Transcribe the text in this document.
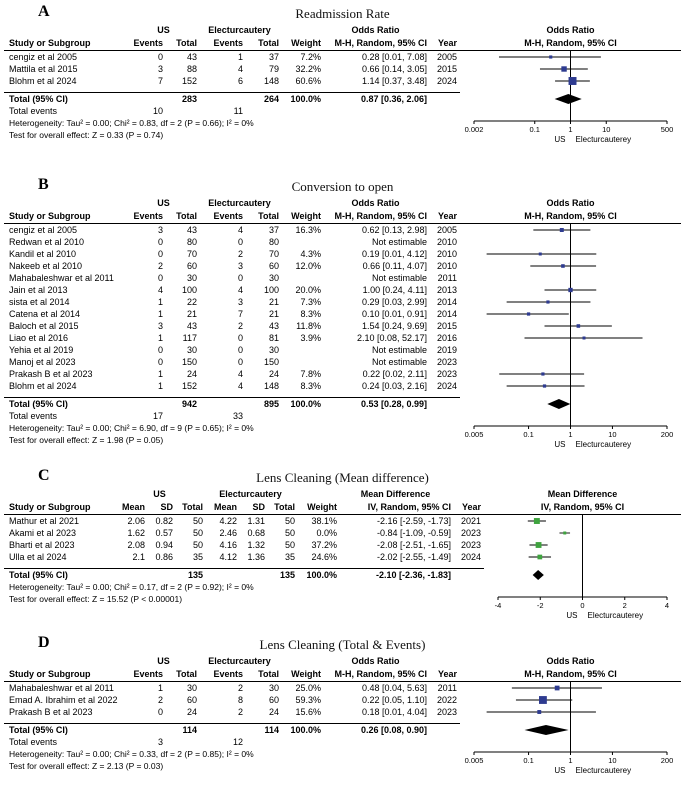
A	Readmission Rate
US	Electurcautery	Odds Ratio
Study or Subgroup	Events	Total	Events	Total	Weight	M-H, Random, 95% CI	Year
cengiz et al 2005	0	43	1	37	7.2%	0.28 [0.01, 7.08]	2005
Mattila et al 2015	3	88	4	79	32.2%	0.66 [0.14, 3.05]	2015
Blohm et al 2024	7	152	6	148	60.6%	1.14 [0.37, 3.48]	2024
Total (95% CI)	283	264	100.0%	0.87 [0.36, 2.06]
Total events	10	11
Heterogeneity: Tau² = 0.00; Chi² = 0.83, df = 2 (P = 0.66); I² = 0%
Test for overall effect: Z = 0.33 (P = 0.74)
Odds Ratio
M-H, Random, 95% CI
0.002	0.1	1	10	500
US Electurcauterey
B	Conversion to open
US	Electurcautery	Odds Ratio
Study or Subgroup	Events	Total	Events	Total	Weight	M-H, Random, 95% CI	Year
cengiz et al 2005	3	43	4	37	16.3%	0.62 [0.13, 2.98]	2005
Redwan et al 2010	0	80	0	80	Not estimable	2010
Kandil et al 2010	0	70	2	70	4.3%	0.19 [0.01, 4.12]	2010
Nakeeb et al 2010	2	60	3	60	12.0%	0.66 [0.11, 4.07]	2010
Mahabaleshwar et al 2011	0	30	0	30	Not estimable	2011
Jain et al 2013	4	100	4	100	20.0%	1.00 [0.24, 4.11]	2013
sista et al 2014	1	22	3	21	7.3%	0.29 [0.03, 2.99]	2014
Catena et al 2014	1	21	7	21	8.3%	0.10 [0.01, 0.91]	2014
Baloch et al 2015	3	43	2	43	11.8%	1.54 [0.24, 9.69]	2015
Liao et al 2016	1	117	0	81	3.9%	2.10 [0.08, 52.17]	2016
Yehia et al 2019	0	30	0	30	Not estimable	2019
Manoj et al 2023	0	150	0	150	Not estimable	2023
Prakash B et al 2023	1	24	4	24	7.8%	0.22 [0.02, 2.11]	2023
Blohm et al 2024	1	152	4	148	8.3%	0.24 [0.03, 2.16]	2024
Total (95% CI)	942	895	100.0%	0.53 [0.28, 0.99]
Total events	17	33
Heterogeneity: Tau² = 0.00; Chi² = 6.90, df = 9 (P = 0.65); I² = 0%
Test for overall effect: Z = 1.98 (P = 0.05)
Odds Ratio
M-H, Random, 95% CI
0.005	0.1	1	10	200
US Electurcauterey
C	Lens Cleaning (Mean difference)
US	Electurcautery	Mean Difference
Study or Subgroup	Mean	SD	Total	Mean	SD	Total	Weight	IV, Random, 95% CI	Year
Mathur et al 2021	2.06	0.82	50	4.22	1.31	50	38.1%	-2.16 [-2.59, -1.73]	2021
Akami et al 2023	1.62	0.57	50	2.46	0.68	50	0.0%	-0.84 [-1.09, -0.59]	2023
Bharti et al 2023	2.08	0.94	50	4.16	1.32	50	37.2%	-2.08 [-2.51, -1.65]	2023
Ulla et al 2024	2.1	0.86	35	4.12	1.36	35	24.6%	-2.02 [-2.55, -1.49]	2024
Total (95% CI)	135	135	100.0%	-2.10 [-2.36, -1.83]
Heterogeneity: Tau² = 0.00; Chi² = 0.17, df = 2 (P = 0.92); I² = 0%
Test for overall effect: Z = 15.52 (P < 0.00001)
Mean Difference
IV, Random, 95% CI
-4	-2	0	2	4
US Electurcauterey
D	Lens Cleaning (Total & Events)
US	Electurcautery	Odds Ratio
Study or Subgroup	Events	Total	Events	Total	Weight	M-H, Random, 95% CI	Year
Mahabaleshwar et al 2011	1	30	2	30	25.0%	0.48 [0.04, 5.63]	2011
Emad A. Ibrahim et al 2022	2	60	8	60	59.3%	0.22 [0.05, 1.10]	2022
Prakash B et al 2023	0	24	2	24	15.6%	0.18 [0.01, 4.04]	2023
Total (95% CI)	114	114	100.0%	0.26 [0.08, 0.90]
Total events	3	12
Heterogeneity: Tau² = 0.00; Chi² = 0.33, df = 2 (P = 0.85); I² = 0%
Test for overall effect: Z = 2.13 (P = 0.03)
Odds Ratio
M-H, Random, 95% CI
0.005	0.1	1	10	200
US Electurcauterey
